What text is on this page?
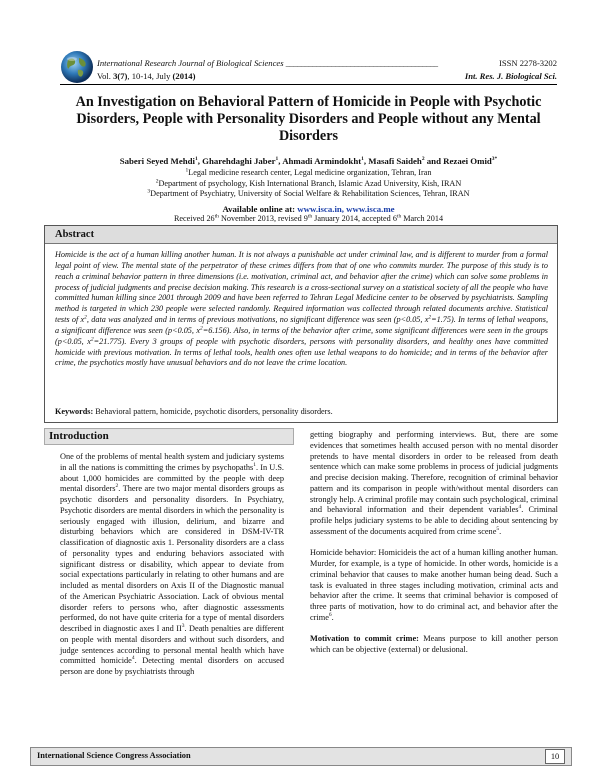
International Research Journal of Biological Sciences ________________________________________	ISSN 2278-3202
Vol. 3(7), 10-14, July (2014)	Int. Res. J. Biological Sci.
An Investigation on Behavioral Pattern of Homicide in People with Psychotic Disorders, People with Personality Disorders and People without any Mental Disorders
Saberi Seyed Mehdi$^1$, Gharehdaghi Jaber$^1$, Ahmadi Armindokht$^1$, Masafi Saideh$^2$ and Rezaei Omid$^{3*}$
$^1$Legal medicine research center, Legal medicine organization, Tehran, Iran
$^2$Department of psychology, Kish International Branch, Islamic Azad University, Kish, IRAN
$^3$Department of Psychiatry, University of Social Welfare & Rehabilitation Sciences, Tehran, IRAN
Available online at: www.isca.in, www.isca.me
Received 26th November 2013, revised 9th January 2014, accepted 6th March 2014
Abstract
Homicide is the act of a human killing another human. It is not always a punishable act under criminal law, and is different to murder from a formal legal point of view. The mental state of the perpetrator of these crimes differs from that of one who commits murder. The purpose of this study is to reach a criminal behavior pattern in three dimensions (i.e. motivation, criminal act, and behavior after the crime) which can solve some problems in process of judicial judgments and precise decision making. This research is a cross-sectional survey on a statistical society of all the people who have committed human killing since 2001 through 2009 and have been referred to Tehran Legal Medicine center to be observed by psychiatrists. Sampling method is targeted in which 230 people were selected randomly. Required information was collected through related documents archive. Statistical tests of $x^2$, data was analyzed and in terms of previous motivations, no significant difference was seen (p<0.05, $x^2=1.75$). In terms of lethal weapons, a significant difference was seen (p<0.05, $x^2=6.156$). Also, in terms of the behavior after crime, some significant differences were seen in the groups (p<0.05, $x^2=21.775$). Every 3 groups of people with psychotic disorders, persons with personality disorders, and healthy ones have committed homicide with previous motivation. In terms of lethal tools, health ones often use lethal weapons to do homicide; and in terms of the behavior after crime, the psychotics mostly have unusual behaviors and do not leave the crime location.
Keywords: Behavioral pattern, homicide, psychotic disorders, personality disorders.
Introduction

One of the problems of mental health system and judiciary systems in all the nations is committing the crimes by psychopaths$^1$. In U.S. about 1,000 homicides are committed by the people with deep mental disorders$^2$. There are two major mental disorders groups as psychotic disorders and personality disorders. In Psychiatry, Psychotic disorders are mental disorders in which the personality is seriously engaged with illusion, delirium, and bizarre and disturbing behaviors which are considered in DSM-IV-TR classification of diagnostic axis 1. Personality disorders are a class of personality types and enduring behaviors associated with significant distress or disability, which appear to deviate from social expectations particularly in relating to other humans and are included as mental disorders on Axis II of the Diagnostic manual of the American Psychiatric Association. Lack of obvious mental disorder refers to persons who, after diagnostic assessments performed, do not have quite criteria for a type of mental disorders described in diagnostic axes I and $II^3$. Death penalties are different on people with mental disorders and without such disorders, and judge sentences according to personal mental health which have committed homicide$^4$. Detecting mental disorders on accused person are done by psychiatrists through

getting biography and performing interviews. But, there are some evidences that sometimes health accused person with no mental disorder pretends to have mental disorders in order to be released from death sentence which can make some problems in process of judicial judgments and precise decision making. Therefore, recognition of criminal behavior pattern and its comparison in people with/without mental disorders can strongly help. A criminal profile may contain such psychological, criminal and behavioral information and their dependent variables$^4$. Criminal profile helps judiciary systems to be able to deciding about sentencing by assessment of the documents acquired from crime scene$^5$.

Homicide behavior: Homicideis the act of a human killing another human. Murder, for example, is a type of homicide. In other words, homicide is a criminal behavior that causes to make another human being dead. Such a task is evaluated in three stages including motivation, criminal acts and behavior after the crime. It seems that criminal behavior is composed of three parts of motivation, how to do criminal act, and behavior after the crime$^6$.

Motivation to commit crime: Means purpose to kill another person which can be objective (external) or delusional.

International Science Congress Association	10
